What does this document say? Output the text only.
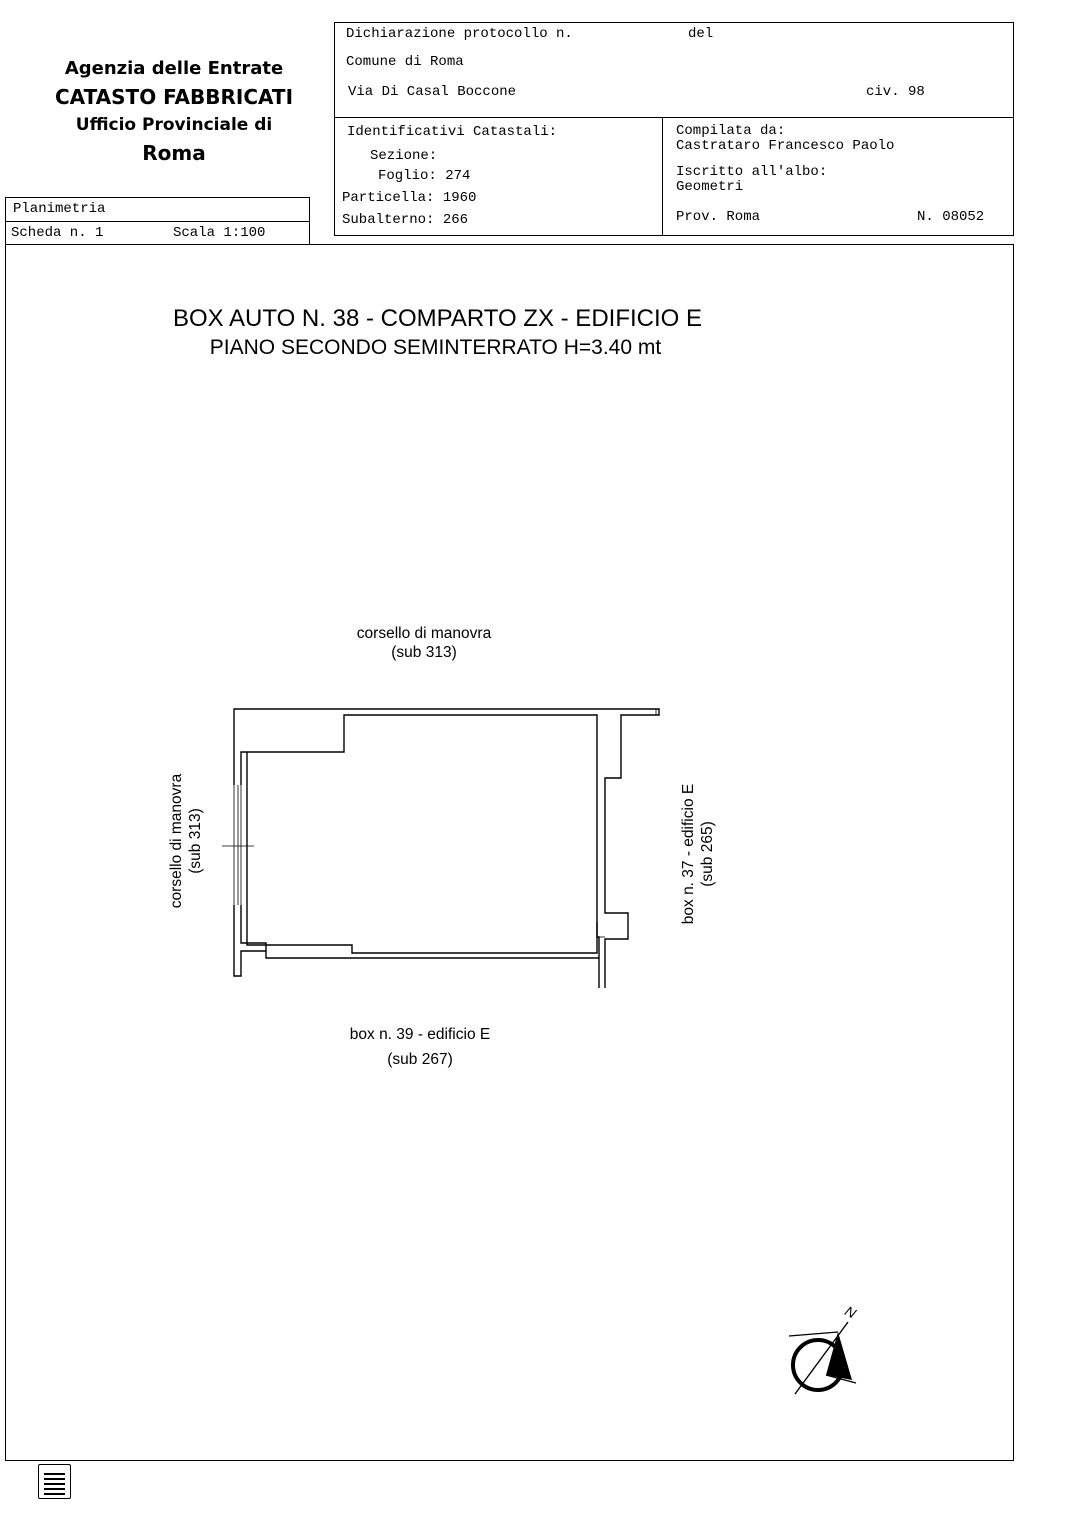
Agenzia delle Entrate
CATASTO FABBRICATI
Ufficio Provinciale di
Roma
Planimetria
Scheda n. 1	Scala 1:100
Dichiarazione protocollo n.	del
Comune di Roma
Via Di Casal Boccone	civ. 98
Identificativi Catastali:
Sezione:
Foglio: 274
Particella: 1960
Subalterno: 266
Compilata da:
Castrataro Francesco Paolo
Iscritto all'albo:
Geometri
Prov. Roma	N. 08052
BOX AUTO N. 38 - COMPARTO ZX - EDIFICIO E
PIANO SECONDO SEMINTERRATO H=3.40 mt
N
corsello di manovra
(sub 313)
corsello di manovra (sub 313)	box n. 37 - edificio E (sub 265)
box n. 39 - edificio E
(sub 267)
